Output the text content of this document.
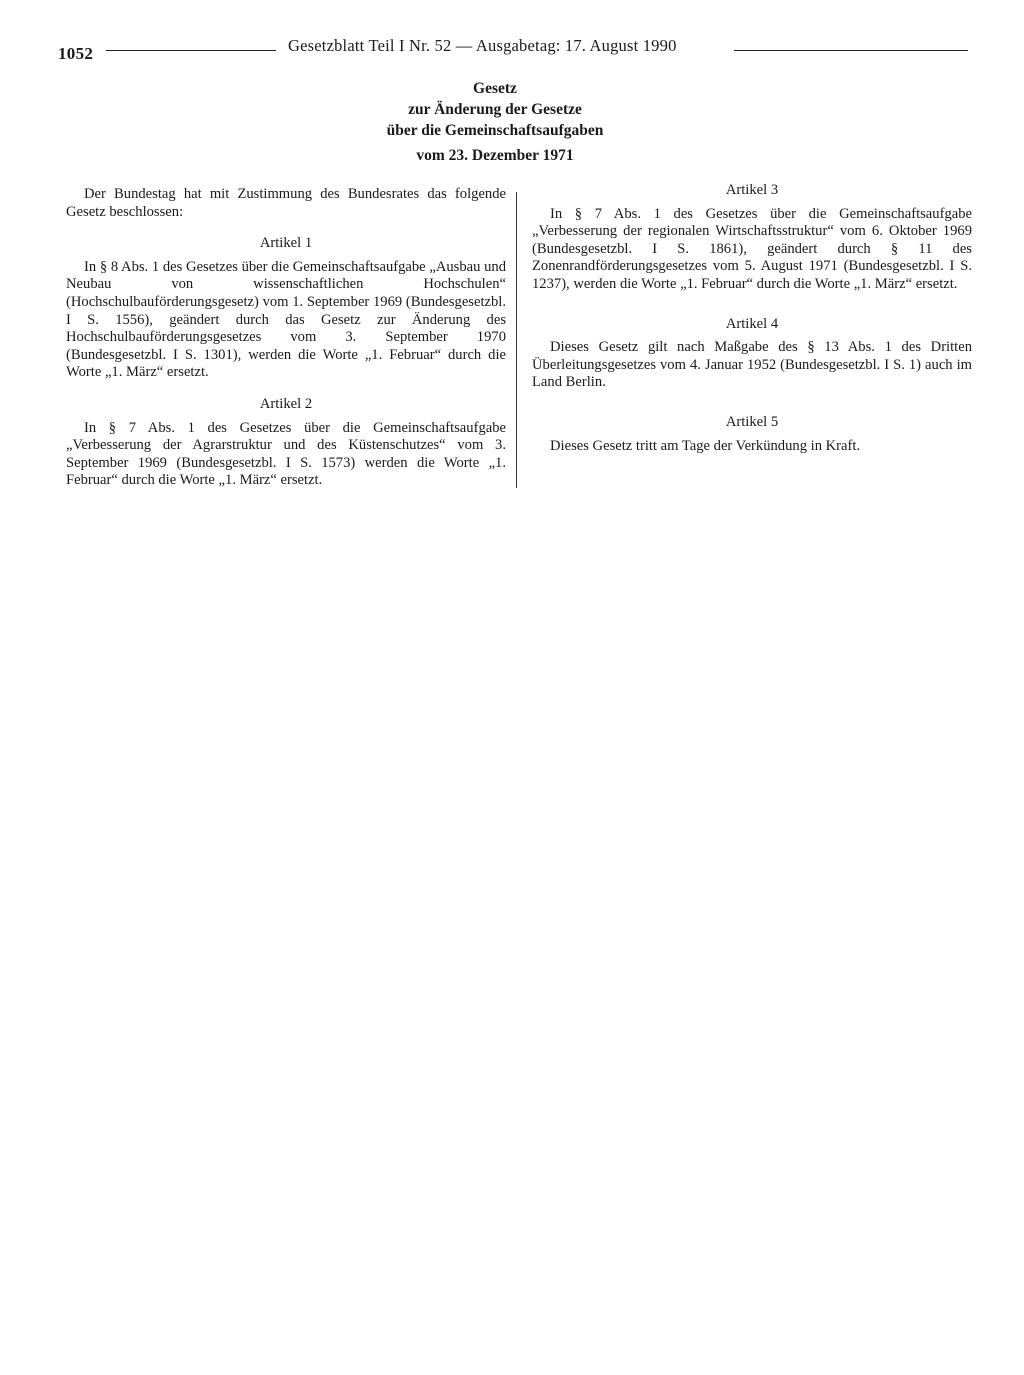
1052	Gesetzblatt Teil I Nr. 52 — Ausgabetag: 17. August 1990
Gesetz
zur Änderung der Gesetze
über die Gemeinschaftsaufgaben
vom 23. Dezember 1971

Der Bundestag hat mit Zustimmung des Bundesrates das folgende Gesetz beschlossen:

Artikel 1

In § 8 Abs. 1 des Gesetzes über die Gemeinschaftsaufgabe „Ausbau und Neubau von wissenschaftlichen Hochschulen“ (Hochschulbauförderungsgesetz) vom 1. September 1969 (Bundesgesetzbl. I S. 1556), geändert durch das Gesetz zur Änderung des Hochschulbauförderungsgesetzes vom 3. September 1970 (Bundesgesetzbl. I S. 1301), werden die Worte „1. Februar“ durch die Worte „1. März“ ersetzt.

Artikel 2

In § 7 Abs. 1 des Gesetzes über die Gemeinschaftsaufgabe „Verbesserung der Agrarstruktur und des Küstenschutzes“ vom 3. September 1969 (Bundesgesetzbl. I S. 1573) werden die Worte „1. Februar“ durch die Worte „1. März“ ersetzt.

Artikel 3

In § 7 Abs. 1 des Gesetzes über die Gemeinschaftsaufgabe „Verbesserung der regionalen Wirtschaftsstruktur“ vom 6. Oktober 1969 (Bundesgesetzbl. I S. 1861), geändert durch § 11 des Zonenrandförderungsgesetzes vom 5. August 1971 (Bundesgesetzbl. I S. 1237), werden die Worte „1. Februar“ durch die Worte „1. März“ ersetzt.

Artikel 4

Dieses Gesetz gilt nach Maßgabe des § 13 Abs. 1 des Dritten Überleitungsgesetzes vom 4. Januar 1952 (Bundesgesetzbl. I S. 1) auch im Land Berlin.

Artikel 5

Dieses Gesetz tritt am Tage der Verkündung in Kraft.
